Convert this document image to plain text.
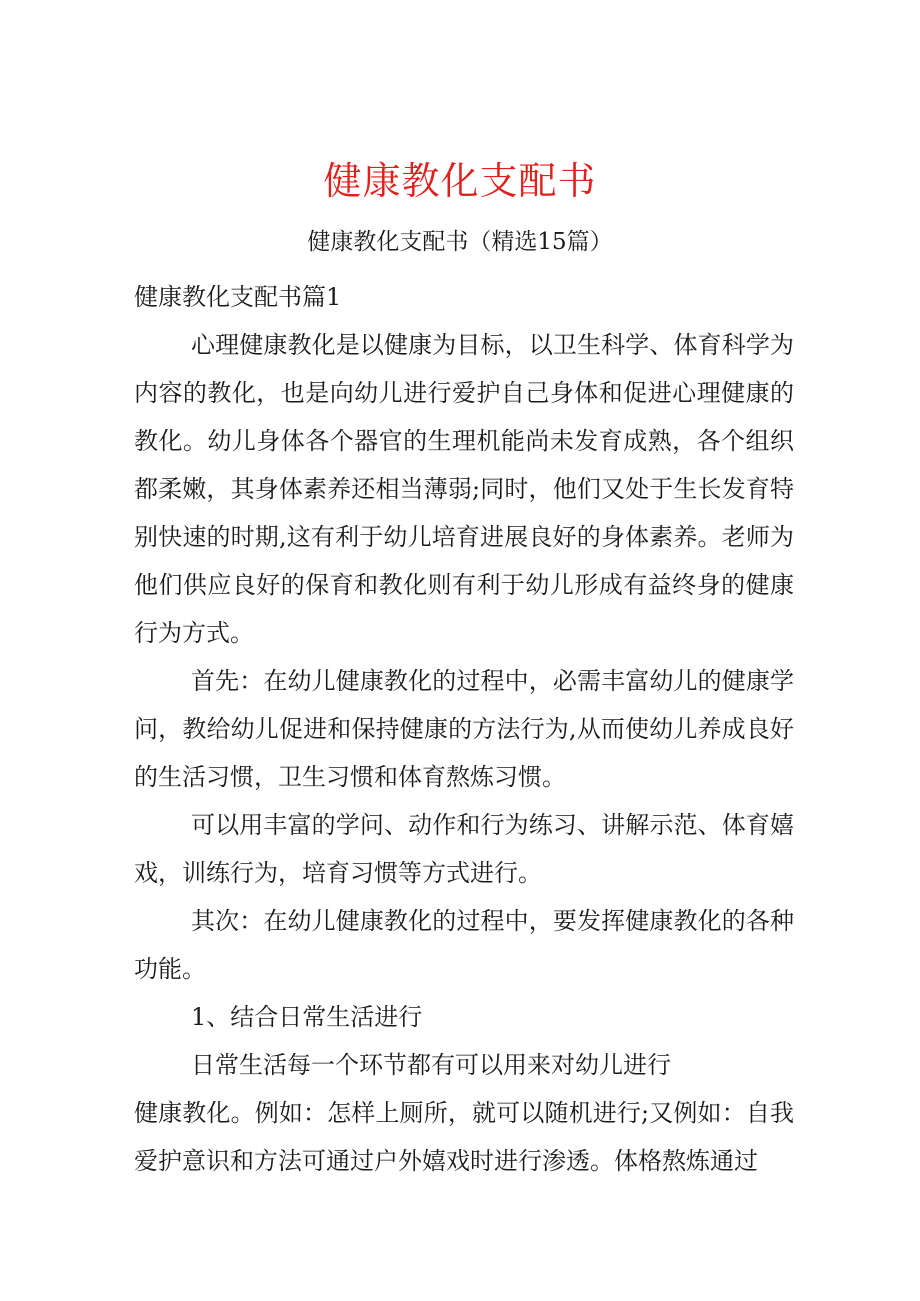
健康教化支配书

健康教化支配书（精选15篇）

健康教化支配书篇1

心理健康教化是以健康为目标，以卫生科学、体育科学为内容的教化，也是向幼儿进行爱护自己身体和促进心理健康的教化。幼儿身体各个器官的生理机能尚未发育成熟，各个组织都柔嫩，其身体素养还相当薄弱;同时，他们又处于生长发育特别快速的时期,这有利于幼儿培育进展良好的身体素养。老师为他们供应良好的保育和教化则有利于幼儿形成有益终身的健康行为方式。

首先：在幼儿健康教化的过程中，必需丰富幼儿的健康学问，教给幼儿促进和保持健康的方法行为,从而使幼儿养成良好的生活习惯，卫生习惯和体育熬炼习惯。

可以用丰富的学问、动作和行为练习、讲解示范、体育嬉戏，训练行为，培育习惯等方式进行。

其次：在幼儿健康教化的过程中，要发挥健康教化的各种功能。

1、结合日常生活进行

日常生活每一个环节都有可以用来对幼儿进行

健康教化。例如：怎样上厕所，就可以随机进行;又例如：自我爱护意识和方法可通过户外嬉戏时进行渗透。体格熬炼通过
